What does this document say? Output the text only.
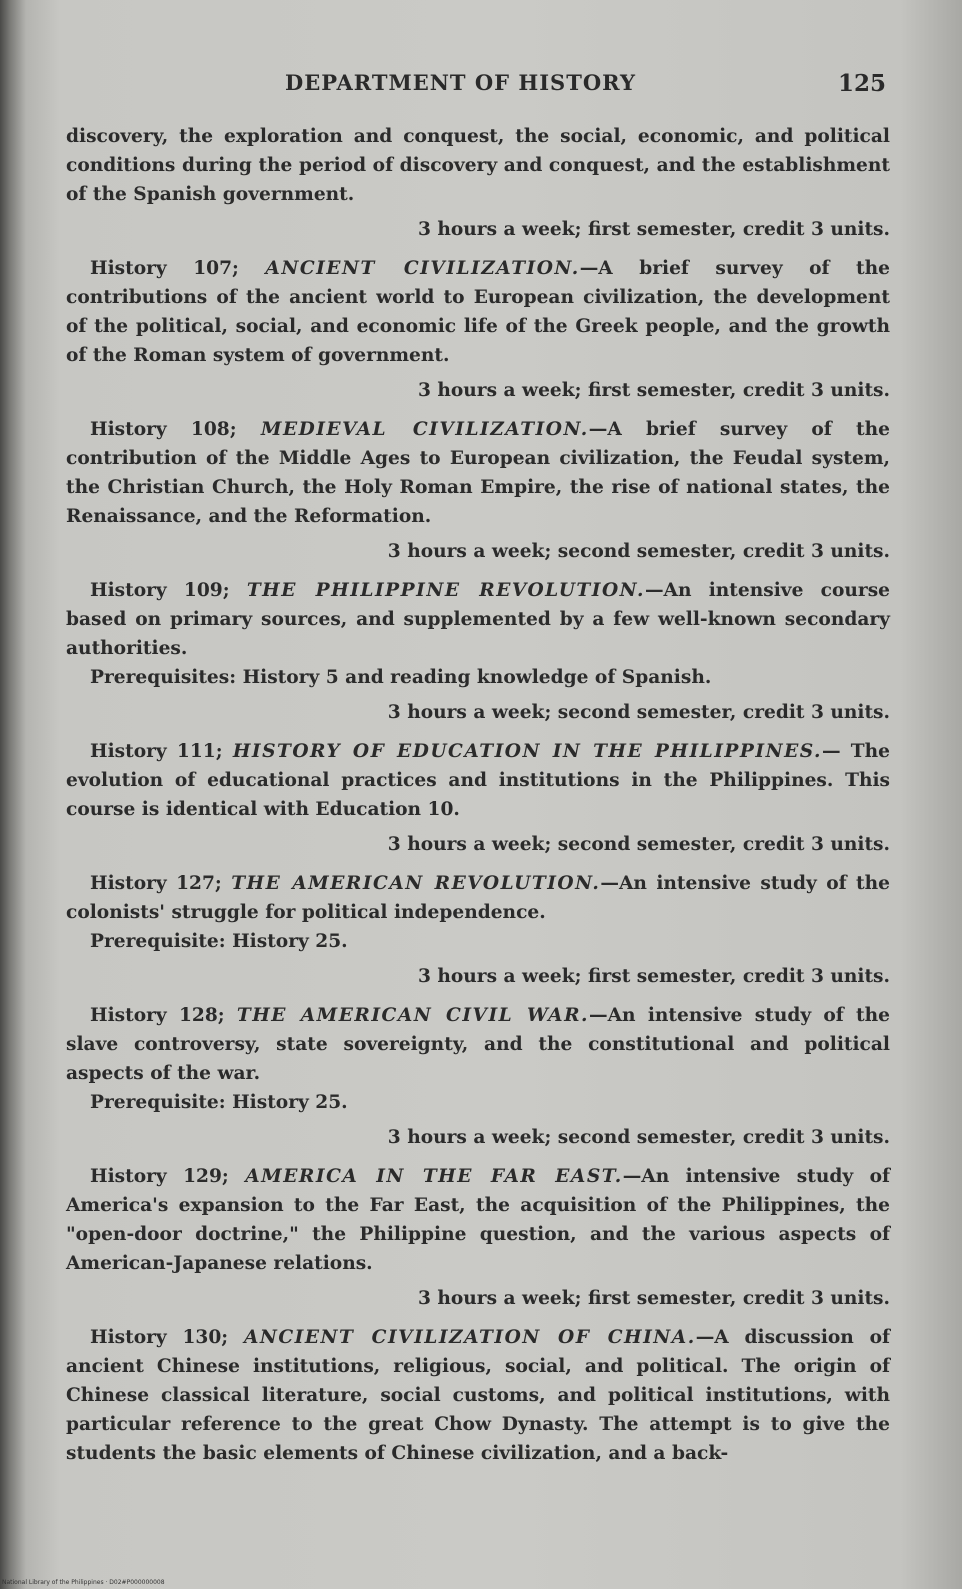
DEPARTMENT OF HISTORY	125

discovery, the exploration and conquest, the social, economic, and political conditions during the period of discovery and conquest, and the establishment of the Spanish government.

3 hours a week; first semester, credit 3 units.

History 107; ANCIENT CIVILIZATION.—A brief survey of the contributions of the ancient world to European civilization, the development of the political, social, and economic life of the Greek people, and the growth of the Roman system of government.

3 hours a week; first semester, credit 3 units.

History 108; MEDIEVAL CIVILIZATION.—A brief survey of the contribution of the Middle Ages to European civilization, the Feudal system, the Christian Church, the Holy Roman Empire, the rise of national states, the Renaissance, and the Reformation.

3 hours a week; second semester, credit 3 units.

History 109; THE PHILIPPINE REVOLUTION.—An intensive course based on primary sources, and supplemented by a few well-known secondary authorities.

Prerequisites: History 5 and reading knowledge of Spanish.

3 hours a week; second semester, credit 3 units.

History 111; HISTORY OF EDUCATION IN THE PHILIPPINES.— The evolution of educational practices and institutions in the Philippines. This course is identical with Education 10.

3 hours a week; second semester, credit 3 units.

History 127; THE AMERICAN REVOLUTION.—An intensive study of the colonists' struggle for political independence.

Prerequisite: History 25.

3 hours a week; first semester, credit 3 units.

History 128; THE AMERICAN CIVIL WAR.—An intensive study of the slave controversy, state sovereignty, and the constitutional and political aspects of the war.

Prerequisite: History 25.

3 hours a week; second semester, credit 3 units.

History 129; AMERICA IN THE FAR EAST.—An intensive study of America's expansion to the Far East, the acquisition of the Philippines, the "open-door doctrine," the Philippine question, and the various aspects of American-Japanese relations.

3 hours a week; first semester, credit 3 units.

History 130; ANCIENT CIVILIZATION OF CHINA.—A discussion of ancient Chinese institutions, religious, social, and political. The origin of Chinese classical literature, social customs, and political institutions, with particular reference to the great Chow Dynasty. The attempt is to give the students the basic elements of Chinese civilization, and a back-

National Library of the Philippines · D02#P000000008
